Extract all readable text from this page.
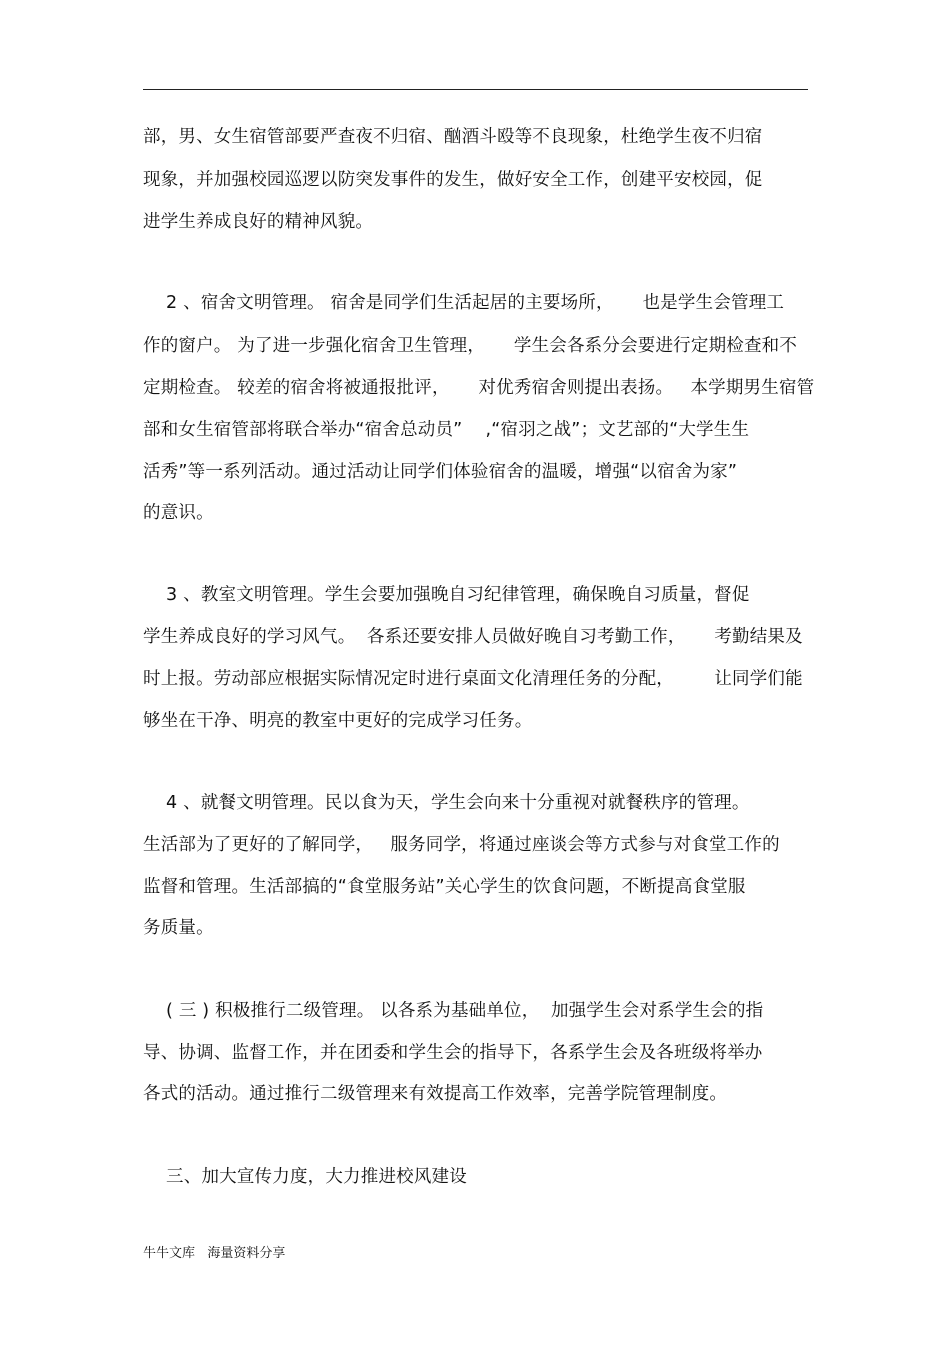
部，男、女生宿管部要严查夜不归宿、酗酒斗殴等不良现象，杜绝学生夜不归宿
现象，并加强校园巡逻以防突发事件的发生，做好安全工作，创建平安校园，促
进学生养成良好的精神风貌。
2 、宿舍文明管理。 宿舍是同学们生活起居的主要场所，     也是学生会管理工
作的窗户。 为了进一步强化宿舍卫生管理，     学生会各系分会要进行定期检查和不
定期检查。 较差的宿舍将被通报批评，     对优秀宿舍则提出表扬。   本学期男生宿管
部和女生宿管部将联合举办“宿舍总动员”    ,“宿羽之战”；文艺部的“大学生生
活秀”等一系列活动。通过活动让同学们体验宿舍的温暖，增强“以宿舍为家”
的意识。
3 、教室文明管理。学生会要加强晚自习纪律管理，确保晚自习质量，督促
学生养成良好的学习风气。  各系还要安排人员做好晚自习考勤工作，     考勤结果及
时上报。劳动部应根据实际情况定时进行桌面文化清理任务的分配，       让同学们能
够坐在干净、明亮的教室中更好的完成学习任务。
4 、就餐文明管理。民以食为天，学生会向来十分重视对就餐秩序的管理。
生活部为了更好的了解同学，   服务同学，将通过座谈会等方式参与对食堂工作的
监督和管理。生活部搞的“食堂服务站”关心学生的饮食问题，不断提高食堂服
务质量。
( 三 ) 积极推行二级管理。 以各系为基础单位，  加强学生会对系学生会的指
导、协调、监督工作，并在团委和学生会的指导下，各系学生会及各班级将举办
各式的活动。通过推行二级管理来有效提高工作效率，完善学院管理制度。
三、加大宣传力度，大力推进校风建设
牛牛文库   海量资料分享
